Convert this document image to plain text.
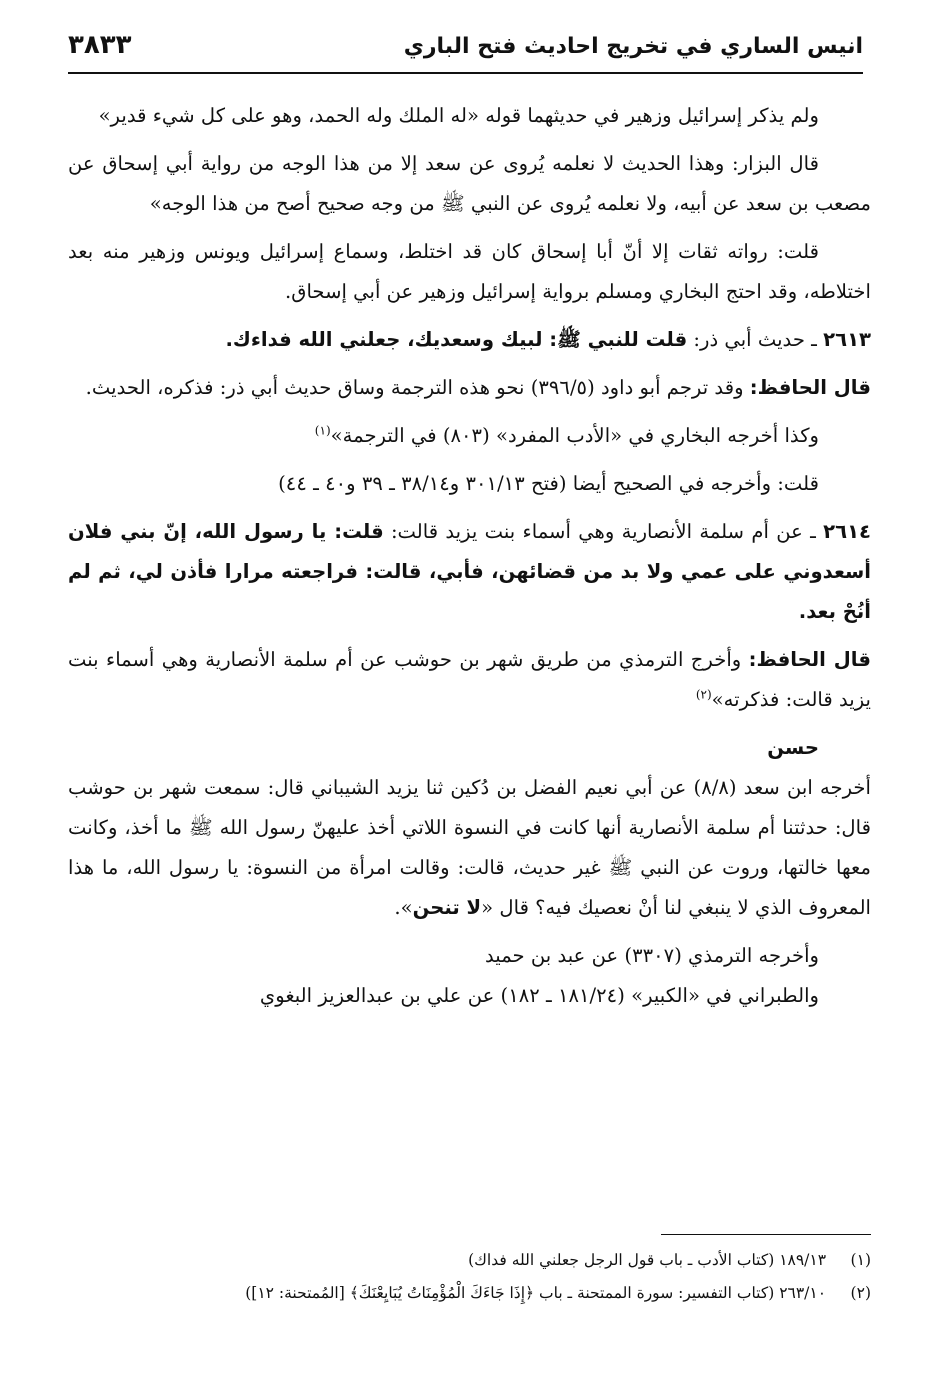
انيس الساري في تخريج احاديث فتح الباري
٣٨٣٣

ولم يذكر إسرائيل وزهير في حديثهما قوله «له الملك وله الحمد، وهو على كل شيء قدير»

قال البزار: وهذا الحديث لا نعلمه يُروى عن سعد إلا من هذا الوجه من رواية أبي إسحاق عن مصعب بن سعد عن أبيه، ولا نعلمه يُروى عن النبي ﷺ من وجه صحيح أصح من هذا الوجه»

قلت: رواته ثقات إلا أنّ أبا إسحاق كان قد اختلط، وسماع إسرائيل ويونس وزهير منه بعد اختلاطه، وقد احتج البخاري ومسلم برواية إسرائيل وزهير عن أبي إسحاق.

٢٦١٣ ـ حديث أبي ذر: قلت للنبي ﷺ: لبيك وسعديك، جعلني الله فداءك.

قال الحافظ: وقد ترجم أبو داود (٣٩٦/٥) نحو هذه الترجمة وساق حديث أبي ذر: فذكره، الحديث.

وكذا أخرجه البخاري في «الأدب المفرد» (٨٠٣) في الترجمة»$^{(١)}$

قلت: وأخرجه في الصحيح أيضا (فتح ٣٠١/١٣ و٣٨/١٤ ـ ٣٩ و٤٠ ـ ٤٤)

٢٦١٤ ـ عن أم سلمة الأنصارية وهي أسماء بنت يزيد قالت: قلت: يا رسول الله، إنّ بني فلان أسعدوني على عمي ولا بد من قضائهن، فأبي، قالت: فراجعته مرارا فأذن لي، ثم لم أنُحْ بعد.

قال الحافظ: وأخرج الترمذي من طريق شهر بن حوشب عن أم سلمة الأنصارية وهي أسماء بنت يزيد قالت: فذكرته»$^{(٢)}$

حسن

أخرجه ابن سعد (٨/٨) عن أبي نعيم الفضل بن دُكين ثنا يزيد الشيباني قال: سمعت شهر بن حوشب قال: حدثتنا أم سلمة الأنصارية أنها كانت في النسوة اللاتي أخذ عليهنّ رسول الله ﷺ ما أخذ، وكانت معها خالتها، وروت عن النبي ﷺ غير حديث، قالت: وقالت امرأة من النسوة: يا رسول الله، ما هذا المعروف الذي لا ينبغي لنا أنْ نعصيك فيه؟ قال «لا تنحن».

وأخرجه الترمذي (٣٣٠٧) عن عبد بن حميد

والطبراني في «الكبير» (١٨١/٢٤ ـ ١٨٢) عن علي بن عبدالعزيز البغوي

(١) ١٨٩/١٣ (كتاب الأدب ـ باب قول الرجل جعلني الله فداك)
(٢) ٢٦٣/١٠ (كتاب التفسير: سورة الممتحنة ـ باب ﴿إِذَا جَاءَكَ الْمُؤْمِنَاتُ يُبَايِعْنَكَ﴾ [المُمتحنة: ١٢])
